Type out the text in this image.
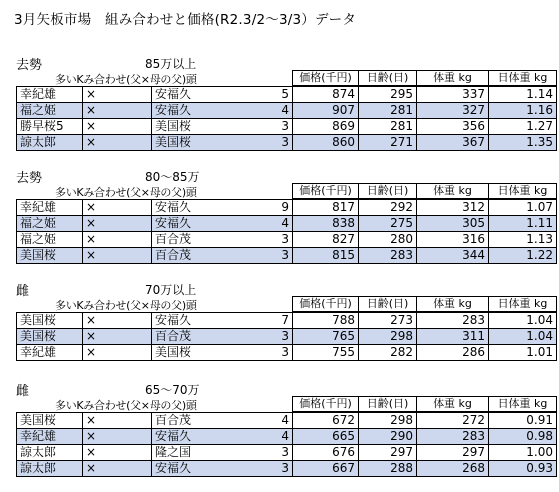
3月矢板市場　組み合わせと価格(R2.3/2～3/3）データ
去勢	85万以上
多いKみ合わせ(父×母の父)頭	価格(千円)	日齢(日)	体重 kg	日体重 kg
幸紀雄	×	安福久	5	874	295	337	1.14
福之姫	×	安福久	4	907	281	327	1.16
勝早桜5	×	美国桜	3	869	281	356	1.27
諒太郎	×	美国桜	3	860	271	367	1.35
去勢	80～85万
多いKみ合わせ(父×母の父)頭	価格(千円)	日齢(日)	体重 kg	日体重 kg
幸紀雄	×	安福久	9	817	292	312	1.07
福之姫	×	安福久	4	838	275	305	1.11
福之姫	×	百合茂	3	827	280	316	1.13
美国桜	×	百合茂	3	815	283	344	1.22
雌	70万以上
多いKみ合わせ(父×母の父)頭	価格(千円)	日齢(日)	体重 kg	日体重 kg
美国桜	×	安福久	7	788	273	283	1.04
美国桜	×	百合茂	3	765	298	311	1.04
幸紀雄	×	美国桜	3	755	282	286	1.01
雌	65～70万
多いKみ合わせ(父×母の父)頭	価格(千円)	日齢(日)	体重 kg	日体重 kg
美国桜	×	百合茂	4	672	298	272	0.91
幸紀雄	×	安福久	4	665	290	283	0.98
諒太郎	×	隆之国	3	676	297	297	1.00
諒太郎	×	安福久	3	667	288	268	0.93
